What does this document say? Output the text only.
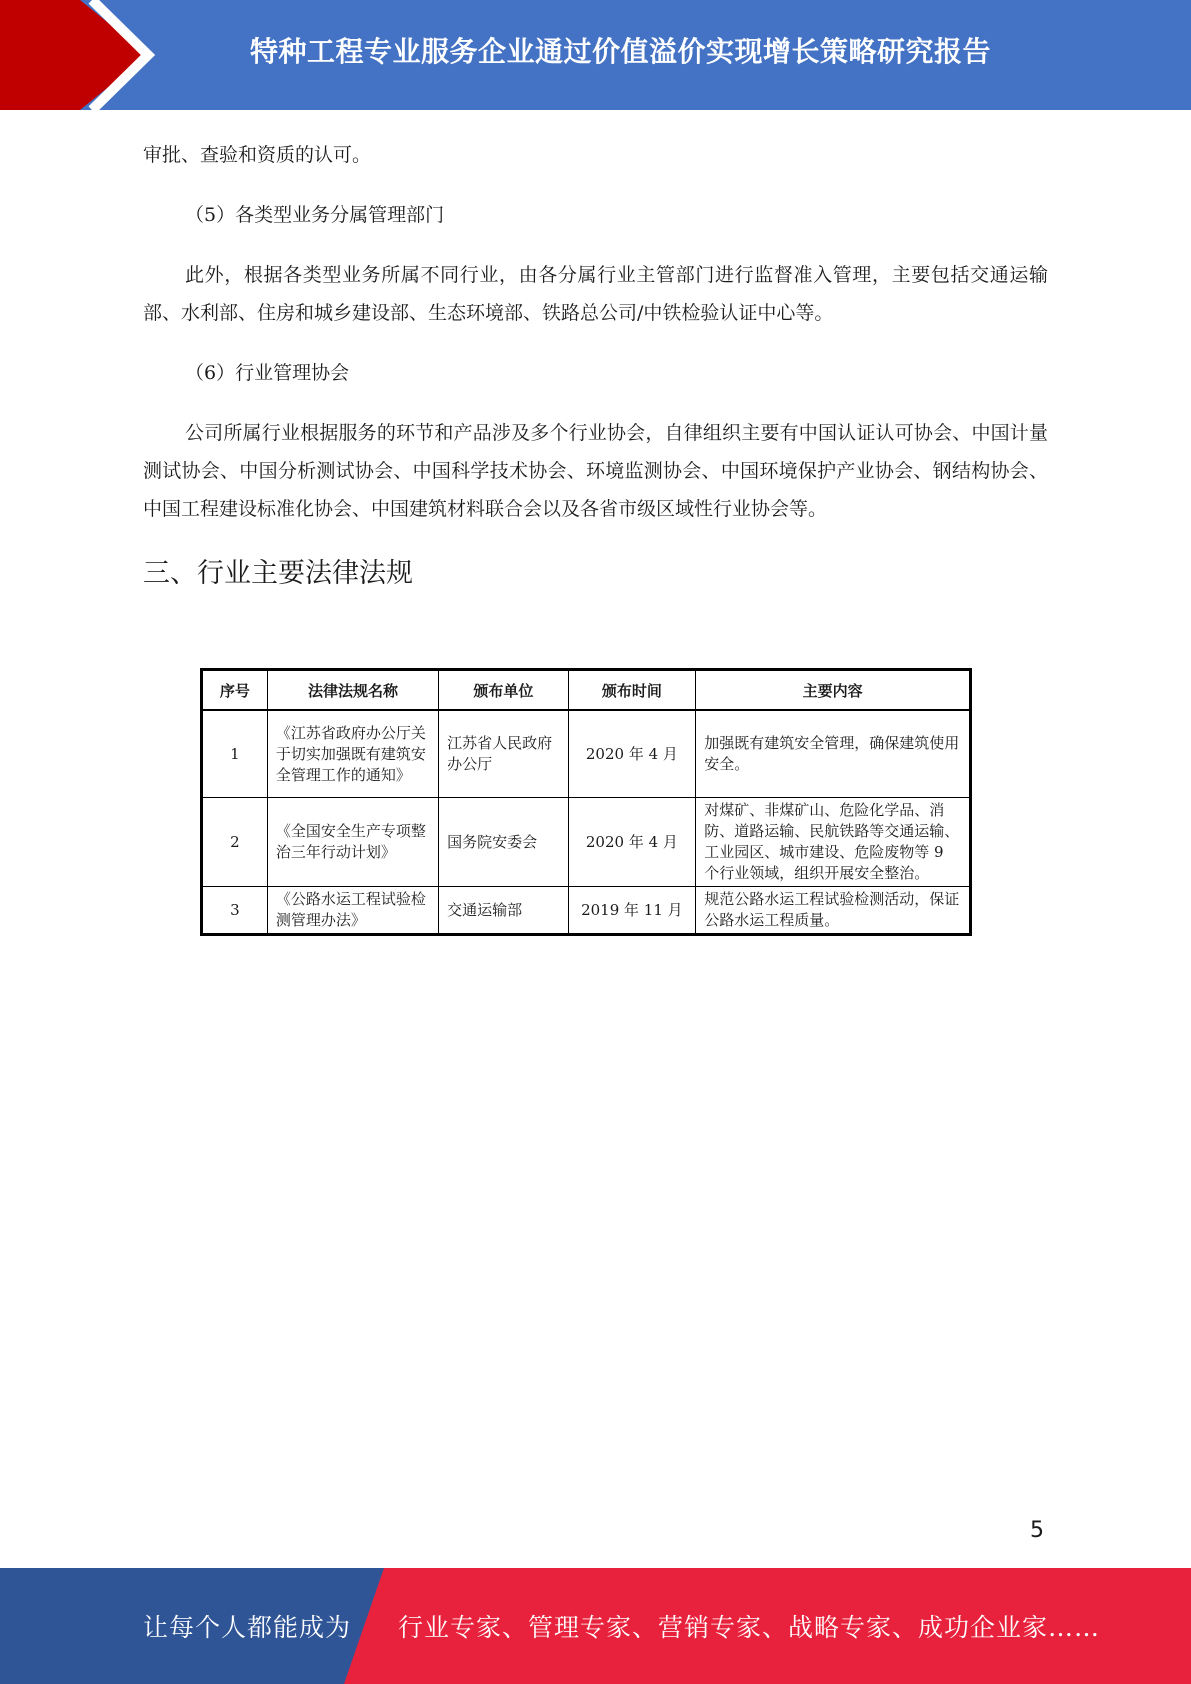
特种工程专业服务企业通过价值溢价实现增长策略研究报告

审批、查验和资质的认可。

（5）各类型业务分属管理部门

此外，根据各类型业务所属不同行业，由各分属行业主管部门进行监督准入管理，主要包括交通运输部、水利部、住房和城乡建设部、生态环境部、铁路总公司/中铁检验认证中心等。

（6）行业管理协会

公司所属行业根据服务的环节和产品涉及多个行业协会，自律组织主要有中国认证认可协会、中国计量测试协会、中国分析测试协会、中国科学技术协会、环境监测协会、中国环境保护产业协会、钢结构协会、中国工程建设标准化协会、中国建筑材料联合会以及各省市级区域性行业协会等。

三、行业主要法律法规
序号	法律法规名称	颁布单位	颁布时间	主要内容
1	《江苏省政府办公厅关于切实加强既有建筑安全管理工作的通知》	江苏省人民政府办公厅	2020 年 4 月	加强既有建筑安全管理，确保建筑使用安全。
2	《全国安全生产专项整治三年行动计划》	国务院安委会	2020 年 4 月	对煤矿、非煤矿山、危险化学品、消防、道路运输、民航铁路等交通运输、工业园区、城市建设、危险废物等 9 个行业领域，组织开展安全整治。
3	《公路水运工程试验检测管理办法》	交通运输部	2019 年 11 月	规范公路水运工程试验检测活动，保证公路水运工程质量。
5
让每个人都能成为 行业专家、管理专家、营销专家、战略专家、成功企业家……
